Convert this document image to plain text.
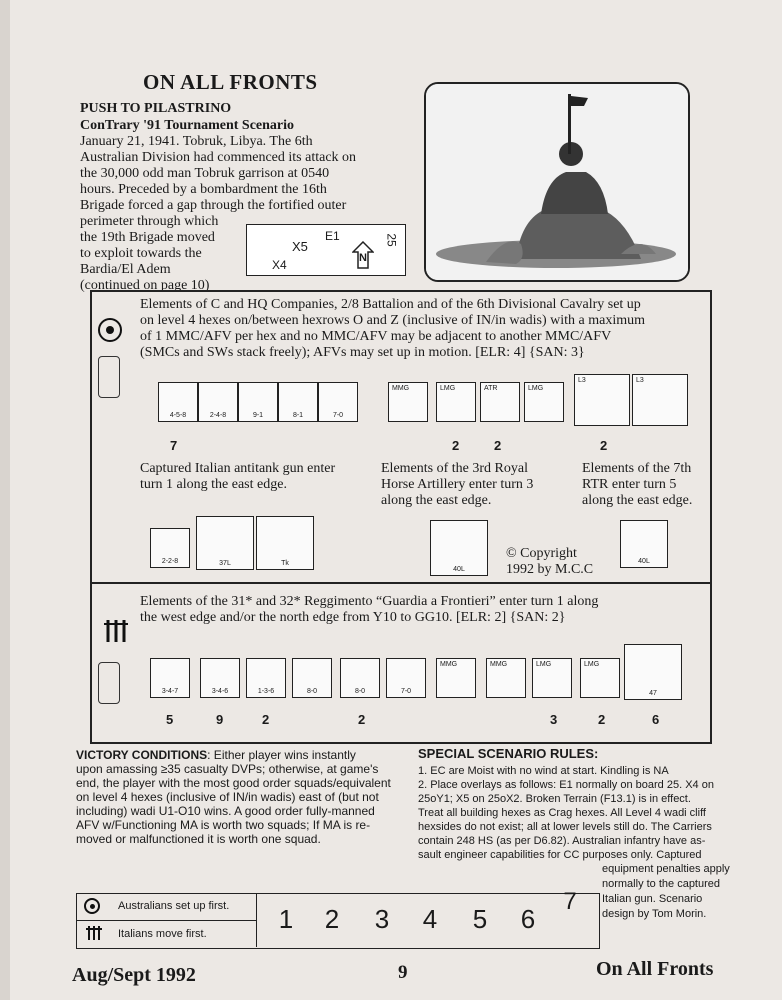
ON ALL FRONTS
PUSH TO PILASTRINO
ConTrary '91 Tournament Scenario
January 21, 1941. Tobruk, Libya. The 6th
Australian Division had commenced its attack on
the 30,000 odd man Tobruk garrison at 0540
hours. Preceded by a bombardment the 16th
Brigade forced a gap through the fortified outer
perimeter through which
the 19th Brigade moved
to exploit towards the
Bardia/El Adem
(continued on page 10)
E1
X5
X4	N
25
Elements of C and HQ Companies, 2/8 Battalion and of the 6th Divisional Cavalry set up
on level 4 hexes on/between hexrows O and Z (inclusive of IN/in wadis) with a maximum
of 1 MMC/AFV per hex and no MMC/AFV may be adjacent to another MMC/AFV
(SMCs and SWs stack freely); AFVs may set up in motion. [ELR: 4] {SAN: 3}
4-5-8	2-4-8	9-1	8-1	7-0
MMG	LMG	ATR	LMG
L3	L3
7	2	2	2
Captured Italian antitank gun enter
turn 1 along the east edge.
Elements of the 3rd Royal
Horse Artillery enter turn 3
along the east edge.
Elements of the 7th
RTR enter turn 5
along the east edge.
2-2-8	37L	Tk
40L
40L
© Copyright
1992 by M.C.C
Elements of the 31* and 32* Reggimento “Guardia a Frontieri” enter turn 1 along
the west edge and/or the north edge from Y10 to GG10. [ELR: 2] {SAN: 2}
3-4-7	3-4-6	1-3-6	8-0	8-0	7-0
MMG	MMG	LMG	LMG
47
5	9	2	2	3	2	6
VICTORY CONDITIONS: Either player wins instantly
upon amassing ≥35 casualty DVPs; otherwise, at game's
end, the player with the most good order squads/equivalent
on level 4 hexes (inclusive of IN/in wadis) east of (but not
including) wadi U1-O10 wins. A good order fully-manned
AFV w/Functioning MA is worth two squads; If MA is re-
moved or malfunctioned it is worth one squad.
SPECIAL SCENARIO RULES:
1. EC are Moist with no wind at start. Kindling is NA
2. Place overlays as follows: E1 normally on board 25. X4 on
25oY1; X5 on 25oX2. Broken Terrain (F13.1) is in effect.
Treat all building hexes as Crag hexes. All Level 4 wadi cliff
hexsides do not exist; all at lower levels still do. The Carriers
contain 248 HS (as per D6.82). Australian infantry have as-
sault engineer capabilities for CC purposes only. Captured
equipment penalties apply
normally to the captured
Italian gun. Scenario
design by Tom Morin.
Australians set up first.
Italians move first.	1	2	3	4	5	6
7
Aug/Sept 1992	9	On All Fronts
